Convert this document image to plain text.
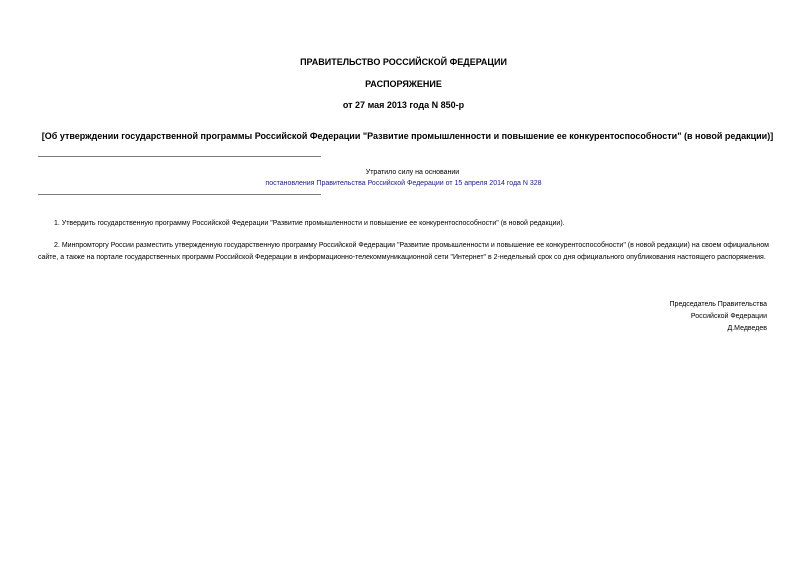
ПРАВИТЕЛЬСТВО РОССИЙСКОЙ ФЕДЕРАЦИИ
РАСПОРЯЖЕНИЕ
от 27 мая 2013 года N 850-р
[Об утверждении государственной программы Российской Федерации "Развитие промышленности и повышение ее конкурентоспособности" (в новой редакции)]
Утратило силу на основании
постановления Правительства Российской Федерации от 15 апреля 2014 года N 328
1. Утвердить государственную программу Российской Федерации "Развитие промышленности и повышение ее конкурентоспособности" (в новой редакции).
2. Минпромторгу России разместить утвержденную государственную программу Российской Федерации "Развитие промышленности и повышение ее конкурентоспособности" (в новой редакции) на своем официальном сайте, а также на портале государственных программ Российской Федерации в информационно-телекоммуникационной сети "Интернет" в 2-недельный срок со дня официального опубликования настоящего распоряжения.
Председатель Правительства
Российской Федерации
Д.Медведев
